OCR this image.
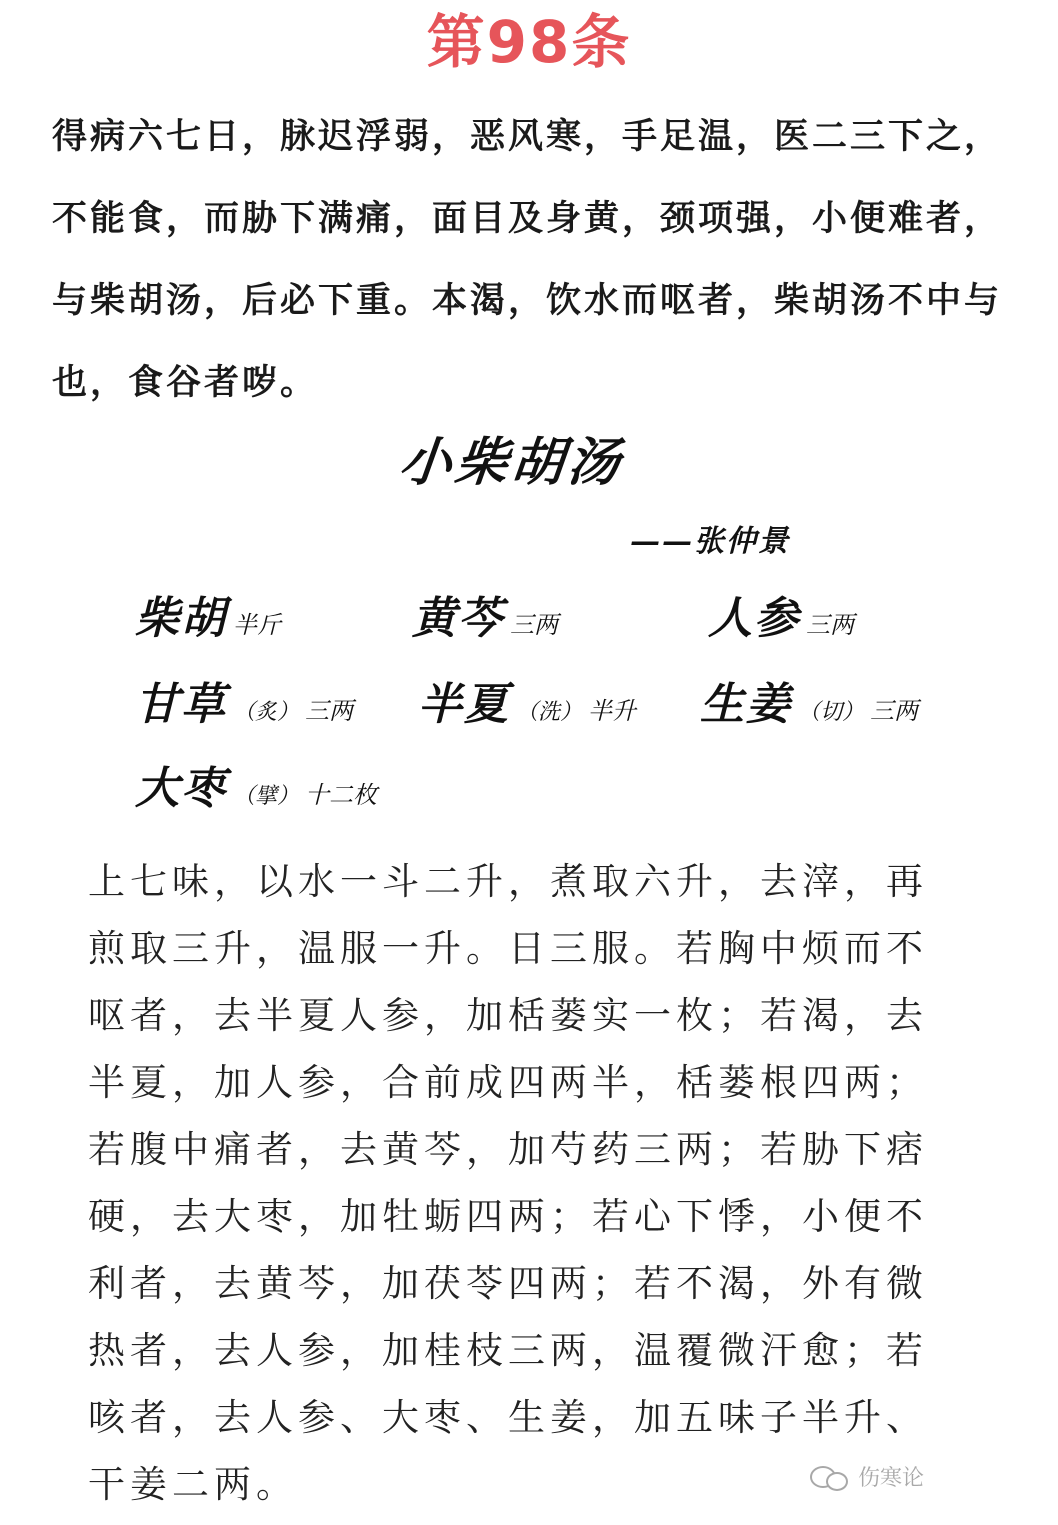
第98条
得病六七日，脉迟浮弱，恶风寒，手足温，医二三下之，
不能食，而胁下满痛，面目及身黄，颈项强，小便难者，
与柴胡汤，后必下重。本渴，饮水而呕者，柴胡汤不中与
也，食谷者哕。
小柴胡汤
——张仲景
柴胡 半斤	黄芩 三两	人参 三两
甘草 （炙） 三两 半夏 （洗） 半升 生姜 （切） 三两
大枣 （擘） 十二枚
上七味，以水一斗二升，煮取六升，去滓，再
煎取三升，温服一升。日三服。若胸中烦而不
呕者，去半夏人参，加栝蒌实一枚；若渴，去
半夏，加人参，合前成四两半，栝蒌根四两；
若腹中痛者，去黄芩，加芍药三两；若胁下痞
硬，去大枣，加牡蛎四两；若心下悸，小便不
利者，去黄芩，加茯苓四两；若不渴，外有微
热者，去人参，加桂枝三两，温覆微汗愈；若
咳者，去人参、大枣、生姜，加五味子半升、
干姜二两。	伤寒论
